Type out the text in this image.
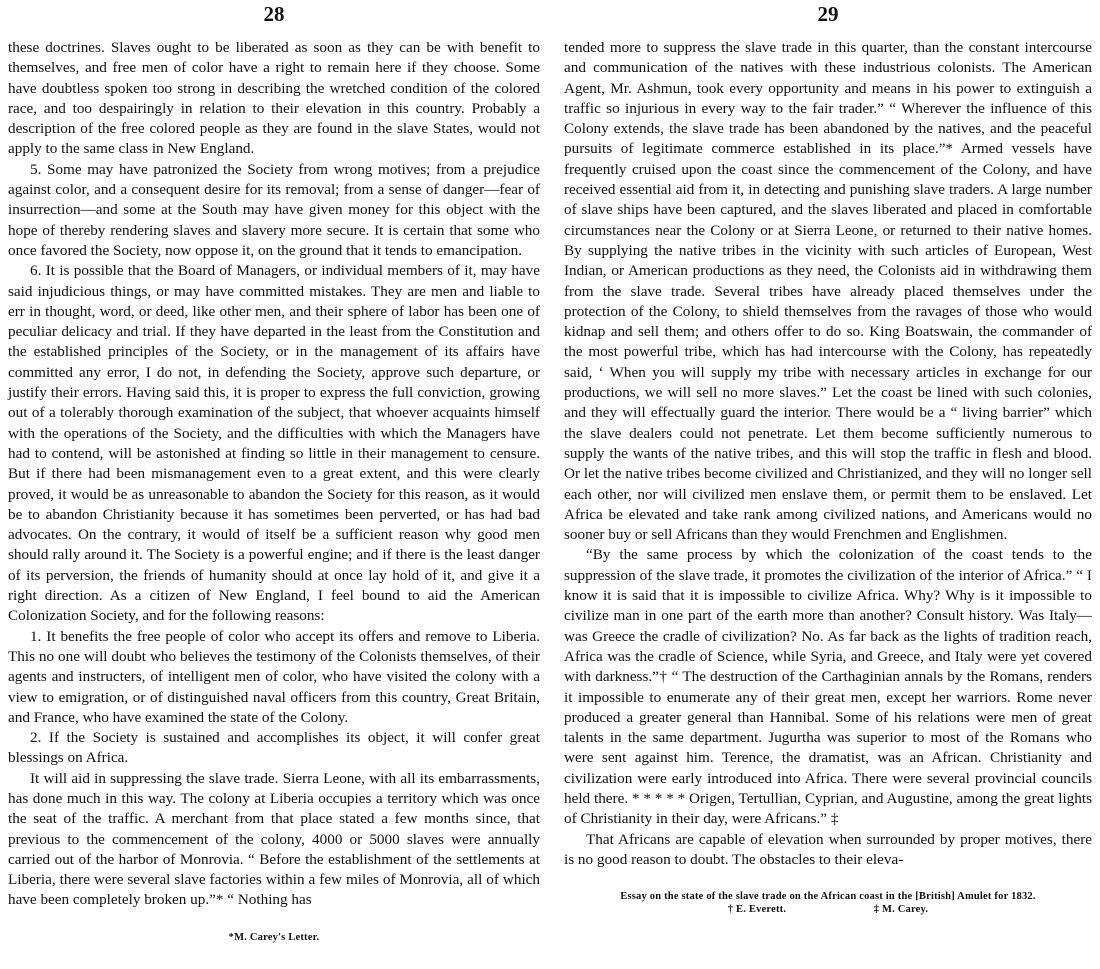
28

these doctrines. Slaves ought to be liberated as soon as they can be with benefit to themselves, and free men of color have a right to remain here if they choose. Some have doubtless spoken too strong in describing the wretched condition of the colored race, and too despairingly in relation to their elevation in this country. Probably a description of the free colored people as they are found in the slave States, would not apply to the same class in New England.

5. Some may have patronized the Society from wrong motives; from a prejudice against color, and a consequent desire for its removal; from a sense of danger—fear of insurrection—and some at the South may have given money for this object with the hope of thereby rendering slaves and slavery more secure. It is certain that some who once favored the Society, now oppose it, on the ground that it tends to emancipation.

6. It is possible that the Board of Managers, or individual members of it, may have said injudicious things, or may have committed mistakes. They are men and liable to err in thought, word, or deed, like other men, and their sphere of labor has been one of peculiar delicacy and trial. If they have departed in the least from the Constitution and the established principles of the Society, or in the management of its affairs have committed any error, I do not, in defending the Society, approve such departure, or justify their errors. Having said this, it is proper to express the full conviction, growing out of a tolerably thorough examination of the subject, that whoever acquaints himself with the operations of the Society, and the difficulties with which the Managers have had to contend, will be astonished at finding so little in their management to censure. But if there had been mismanagement even to a great extent, and this were clearly proved, it would be as unreasonable to abandon the Society for this reason, as it would be to abandon Christianity because it has sometimes been perverted, or has had bad advocates. On the contrary, it would of itself be a sufficient reason why good men should rally around it. The Society is a powerful engine; and if there is the least danger of its perversion, the friends of humanity should at once lay hold of it, and give it a right direction. As a citizen of New England, I feel bound to aid the American Colonization Society, and for the following reasons:

1. It benefits the free people of color who accept its offers and remove to Liberia. This no one will doubt who believes the testimony of the Colonists themselves, of their agents and instructers, of intelligent men of color, who have visited the colony with a view to emigration, or of distinguished naval officers from this country, Great Britain, and France, who have examined the state of the Colony.

2. If the Society is sustained and accomplishes its object, it will confer great blessings on Africa.

It will aid in suppressing the slave trade. Sierra Leone, with all its embarrassments, has done much in this way. The colony at Liberia occupies a territory which was once the seat of the traffic. A merchant from that place stated a few months since, that previous to the commencement of the colony, 4000 or 5000 slaves were annually carried out of the harbor of Monrovia. “ Before the establishment of the settlements at Liberia, there were several slave factories within a few miles of Monrovia, all of which have been completely broken up.”* “ Nothing has

*M. Carey's Letter.
29

tended more to suppress the slave trade in this quarter, than the constant intercourse and communication of the natives with these industrious colonists. The American Agent, Mr. Ashmun, took every opportunity and means in his power to extinguish a traffic so injurious in every way to the fair trader.” “ Wherever the influence of this Colony extends, the slave trade has been abandoned by the natives, and the peaceful pursuits of legitimate commerce established in its place.”* Armed vessels have frequently cruised upon the coast since the commencement of the Colony, and have received essential aid from it, in detecting and punishing slave traders. A large number of slave ships have been captured, and the slaves liberated and placed in comfortable circumstances near the Colony or at Sierra Leone, or returned to their native homes. By supplying the native tribes in the vicinity with such articles of European, West Indian, or American productions as they need, the Colonists aid in withdrawing them from the slave trade. Several tribes have already placed themselves under the protection of the Colony, to shield themselves from the ravages of those who would kidnap and sell them; and others offer to do so. King Boatswain, the commander of the most powerful tribe, which has had intercourse with the Colony, has repeatedly said, ‘ When you will supply my tribe with necessary articles in exchange for our productions, we will sell no more slaves.” Let the coast be lined with such colonies, and they will effectually guard the interior. There would be a “ living barrier” which the slave dealers could not penetrate. Let them become sufficiently numerous to supply the wants of the native tribes, and this will stop the traffic in flesh and blood. Or let the native tribes become civilized and Christianized, and they will no longer sell each other, nor will civilized men enslave them, or permit them to be enslaved. Let Africa be elevated and take rank among civilized nations, and Americans would no sooner buy or sell Africans than they would Frenchmen and Englishmen.

“By the same process by which the colonization of the coast tends to the suppression of the slave trade, it promotes the civilization of the interior of Africa.” “ I know it is said that it is impossible to civilize Africa. Why? Why is it impossible to civilize man in one part of the earth more than another? Consult history. Was Italy—was Greece the cradle of civilization? No. As far back as the lights of tradition reach, Africa was the cradle of Science, while Syria, and Greece, and Italy were yet covered with darkness.”† “ The destruction of the Carthaginian annals by the Romans, renders it impossible to enumerate any of their great men, except her warriors. Rome never produced a greater general than Hannibal. Some of his relations were men of great talents in the same department. Jugurtha was superior to most of the Romans who were sent against him. Terence, the dramatist, was an African. Christianity and civilization were early introduced into Africa. There were several provincial councils held there. * * * * * Origen, Tertullian, Cyprian, and Augustine, among the great lights of Christianity in their day, were Africans.” ‡

That Africans are capable of elevation when surrounded by proper motives, there is no good reason to doubt. The obstacles to their eleva-

Essay on the state of the slave trade on the African coast in the [British] Amulet for 1832.
† E. Everett.	‡ M. Carey.
